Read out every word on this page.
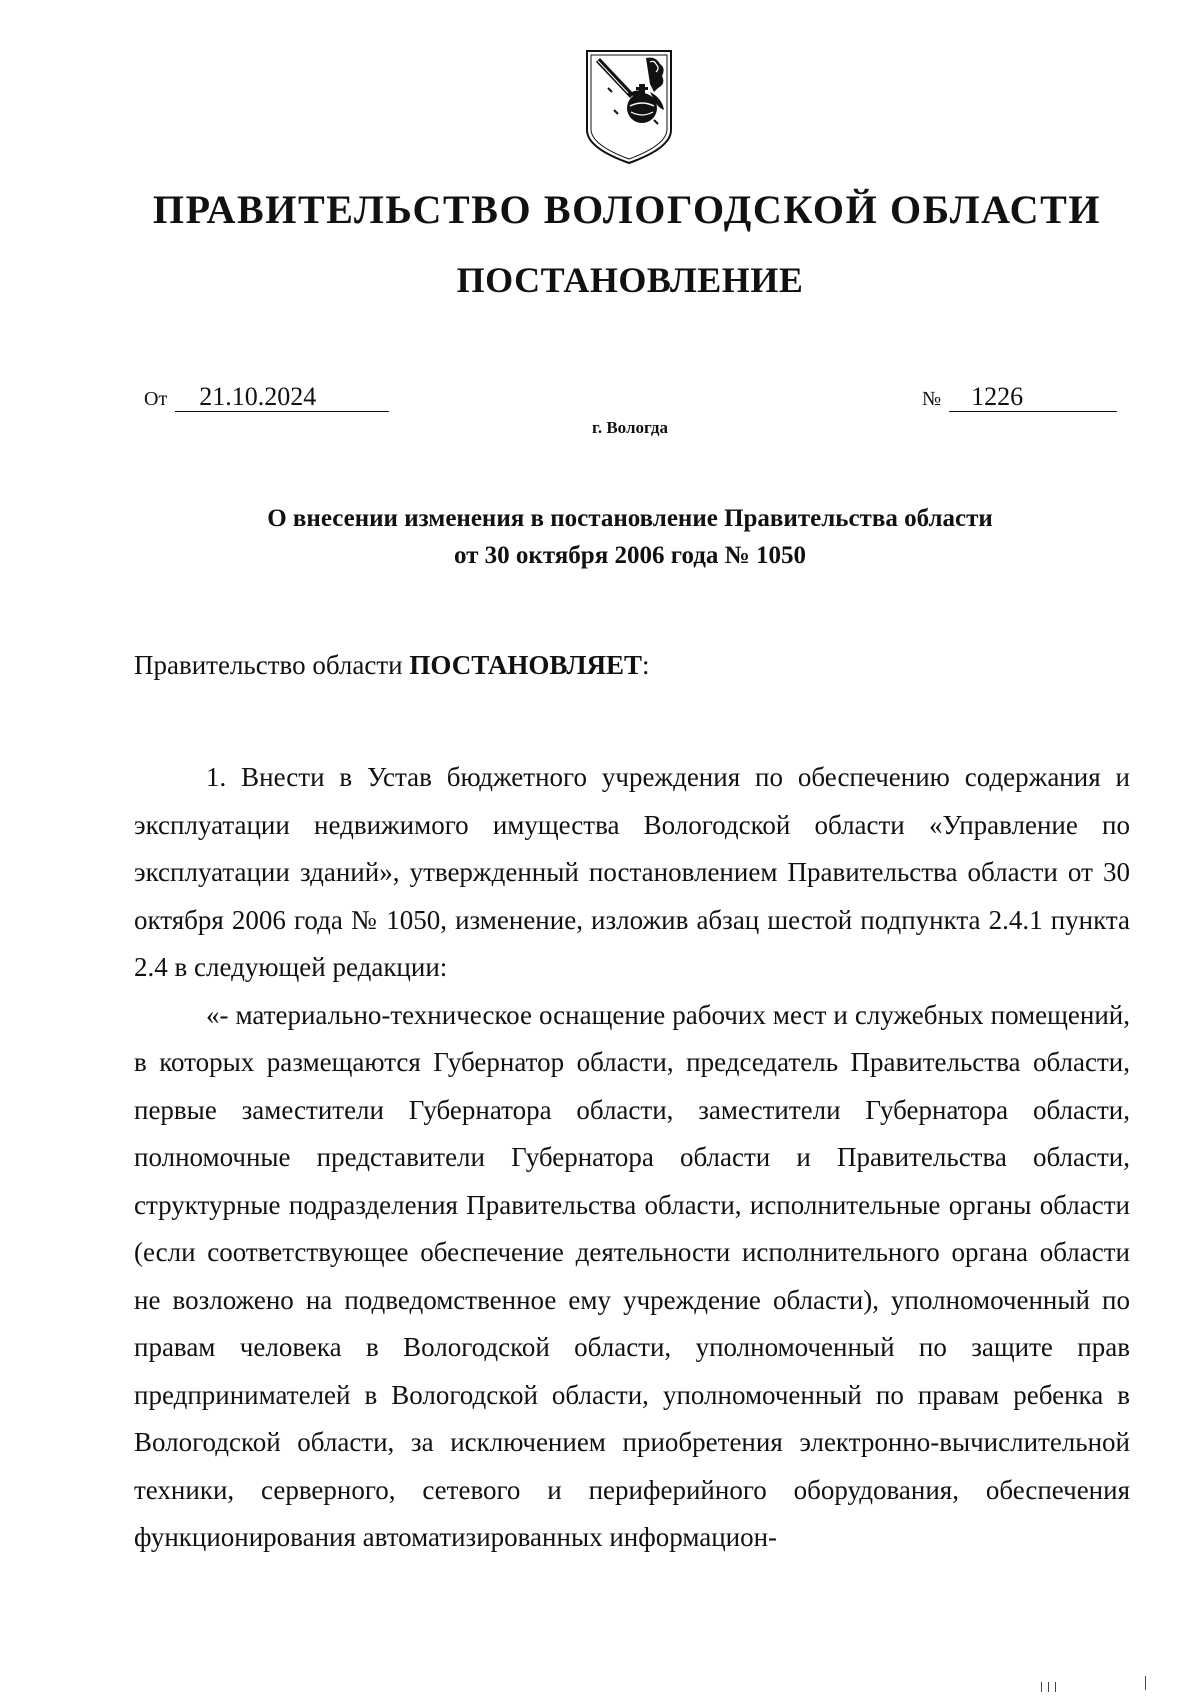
ПРАВИТЕЛЬСТВО ВОЛОГОДСКОЙ ОБЛАСТИ
ПОСТАНОВЛЕНИЕ
От 21.10.2024	№ 1226
г. Вологда
О внесении изменения в постановление Правительства области
от 30 октября 2006 года № 1050
Правительство области ПОСТАНОВЛЯЕТ:

1. Внести в Устав бюджетного учреждения по обеспечению содержания и эксплуатации недвижимого имущества Вологодской области «Управление по эксплуатации зданий», утвержденный постановлением Правительства области от 30 октября 2006 года № 1050, изменение, изложив абзац шестой подпункта 2.4.1 пункта 2.4 в следующей редакции:

«- материально-техническое оснащение рабочих мест и служебных помещений, в которых размещаются Губернатор области, председатель Правительства области, первые заместители Губернатора области, заместители Губернатора области, полномочные представители Губернатора области и Правительства области, структурные подразделения Правительства области, исполнительные органы области (если соответствующее обеспечение деятельности исполнительного органа области не возложено на подведомственное ему учреждение области), уполномоченный по правам человека в Вологодской области, уполномоченный по защите прав предпринимателей в Вологодской области, уполномоченный по правам ребенка в Вологодской области, за исключением приобретения электронно-вычислительной техники, серверного, сетевого и периферийного оборудования, обеспечения функционирования автоматизированных информацион-
